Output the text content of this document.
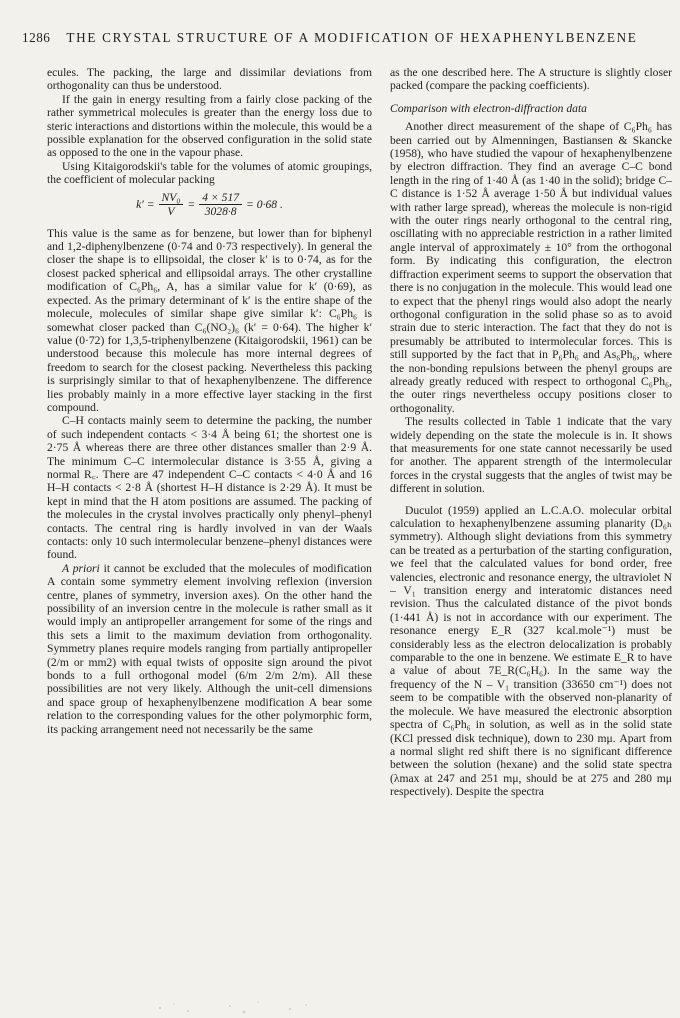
1286 THE CRYSTAL STRUCTURE OF A MODIFICATION OF HEXAPHENYLBENZENE

ecules. The packing, the large and dissimilar deviations from orthogonality can thus be understood.

If the gain in energy resulting from a fairly close packing of the rather symmetrical molecules is greater than the energy loss due to steric interactions and distortions within the molecule, this would be a possible explanation for the observed configuration in the solid state as opposed to the one in the vapour phase.

Using Kitaigorodskii's table for the volumes of atomic groupings, the coefficient of molecular packing

k′ =	$\frac{\text{NV₀}}{V}$	=	$\frac{4 \times 517}{3028\cdot 8}$	= 0·68 .

This value is the same as for benzene, but lower than for biphenyl and 1,2-diphenylbenzene (0·74 and 0·73 respectively). In general the closer the shape is to ellipsoidal, the closer k′ is to 0·74, as for the closest packed spherical and ellipsoidal arrays. The other crystalline modification of C₆Ph₆, A, has a similar value for k′ (0·69), as expected. As the primary determinant of k′ is the entire shape of the molecule, molecules of similar shape give similar k′: C₆Ph₆ is somewhat closer packed than C₆(NO₂)₆ (k′ = 0·64). The higher k′ value (0·72) for 1,3,5-triphenylbenzene (Kitaigorodskii, 1961) can be understood because this molecule has more internal degrees of freedom to search for the closest packing. Nevertheless this packing is surprisingly similar to that of hexaphenylbenzene. The difference lies probably mainly in a more effective layer stacking in the first compound.

C–H contacts mainly seem to determine the packing, the number of such independent contacts < 3·4 Å being 61; the shortest one is 2·75 Å whereas there are three other distances smaller than 2·9 Å. The minimum C–C intermolecular distance is 3·55 Å, giving a normal R꜀. There are 47 independent C–C contacts < 4·0 Å and 16 H–H contacts < 2·8 Å (shortest H–H distance is 2·29 Å). It must be kept in mind that the H atom positions are assumed. The packing of the molecules in the crystal involves practically only phenyl–phenyl contacts. The central ring is hardly involved in van der Waals contacts: only 10 such intermolecular benzene–phenyl distances were found.

A priori it cannot be excluded that the molecules of modification A contain some symmetry element involving reflexion (inversion centre, planes of symmetry, inversion axes). On the other hand the possibility of an inversion centre in the molecule is rather small as it would imply an antipropeller arrangement for some of the rings and this sets a limit to the maximum deviation from orthogonality. Symmetry planes require models ranging from partially antipropeller (2/m or mm2) with equal twists of opposite sign around the pivot bonds to a full orthogonal model (6/m 2/m 2/m). All these possibilities are not very likely. Although the unit-cell dimensions and space group of hexaphenylbenzene modification A bear some relation to the corresponding values for the other polymorphic form, its packing arrangement need not necessarily be the same

as the one described here. The A structure is slightly closer packed (compare the packing coefficients).

Comparison with electron-diffraction data

Another direct measurement of the shape of C₆Ph₆ has been carried out by Almenningen, Bastiansen & Skancke (1958), who have studied the vapour of hexaphenylbenzene by electron diffraction. They find an average C–C bond length in the ring of 1·40 Å (as 1·40 in the solid); bridge C–C distance is 1·52 Å average 1·50 Å but individual values with rather large spread), whereas the molecule is non-rigid with the outer rings nearly orthogonal to the central ring, oscillating with no appreciable restriction in a rather limited angle interval of approximately ± 10° from the orthogonal form. By indicating this configuration, the electron diffraction experiment seems to support the observation that there is no conjugation in the molecule. This would lead one to expect that the phenyl rings would also adopt the nearly orthogonal configuration in the solid phase so as to avoid strain due to steric interaction. The fact that they do not is presumably be attributed to intermolecular forces. This is still supported by the fact that in P₆Ph₆ and As₆Ph₆, where the non-bonding repulsions between the phenyl groups are already greatly reduced with respect to orthogonal C₆Ph₆, the outer rings nevertheless occupy positions closer to orthogonality.

The results collected in Table 1 indicate that the vary widely depending on the state the molecule is in. It shows that measurements for one state cannot necessarily be used for another. The apparent strength of the intermolecular forces in the crystal suggests that the angles of twist may be different in solution.

Duculot (1959) applied an L.C.A.O. molecular orbital calculation to hexaphenylbenzene assuming planarity (D₆ₕ symmetry). Although slight deviations from this symmetry can be treated as a perturbation of the starting configuration, we feel that the calculated values for bond order, free valencies, electronic and resonance energy, the ultraviolet N – V₁ transition energy and interatomic distances need revision. Thus the calculated distance of the pivot bonds (1·441 Å) is not in accordance with our experiment. The resonance energy E_R (327 kcal.mole⁻¹) must be considerably less as the electron delocalization is probably comparable to the one in benzene. We estimate E_R to have a value of about 7E_R(C₆H₆). In the same way the frequency of the N – V₁ transition (33650 cm⁻¹) does not seem to be compatible with the observed non-planarity of the molecule. We have measured the electronic absorption spectra of C₆Ph₆ in solution, as well as in the solid state (KCl pressed disk technique), down to 230 mμ. Apart from a normal slight red shift there is no significant difference between the solution (hexane) and the solid state spectra (λmax at 247 and 251 mμ, should be at 275 and 280 mμ respectively). Despite the spectra
